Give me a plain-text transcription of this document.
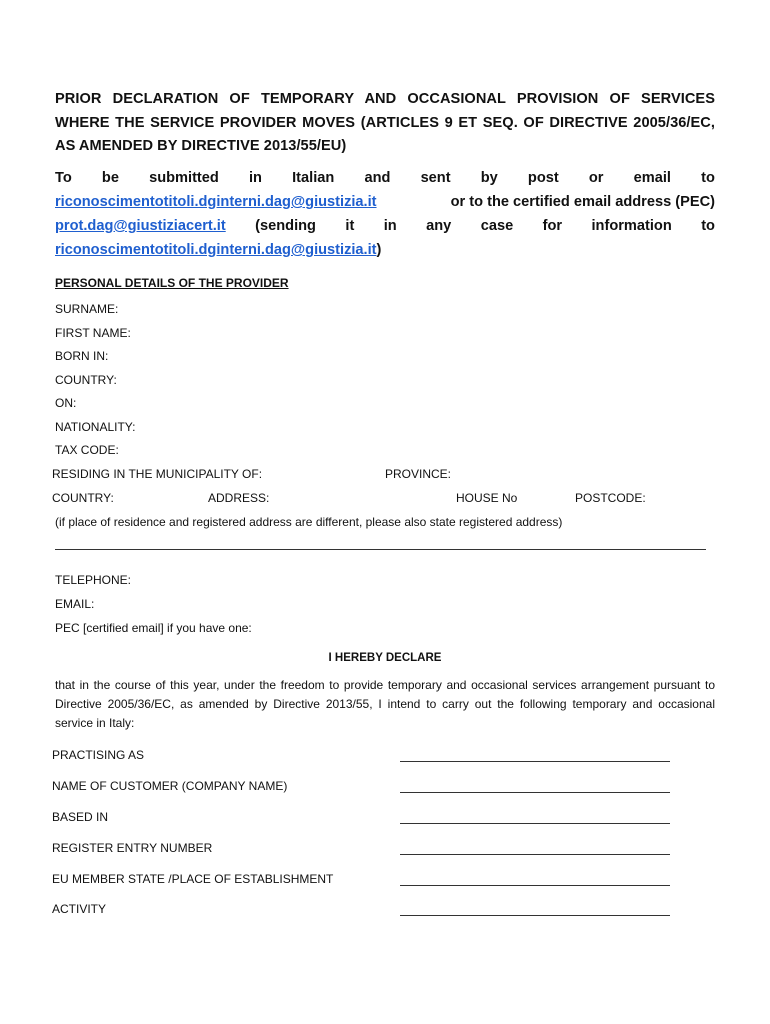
PRIOR DECLARATION OF TEMPORARY AND OCCASIONAL PROVISION OF SERVICES WHERE THE SERVICE PROVIDER MOVES (ARTICLES 9 ET SEQ. OF DIRECTIVE 2005/36/EC, AS AMENDED BY DIRECTIVE 2013/55/EU)
To be submitted in Italian and sent by post or email to
riconoscimentotitoli.dginterni.dag@giustizia.it	or to the certified email address (PEC)
prot.dag@giustiziacert.it (sending it in any case for information to
riconoscimentotitoli.dginterni.dag@giustizia.it)
PERSONAL DETAILS OF THE PROVIDER
SURNAME:
FIRST NAME:
BORN IN:
COUNTRY:
ON:
NATIONALITY:
TAX CODE:
RESIDING IN THE MUNICIPALITY OF:	PROVINCE:
COUNTRY:	ADDRESS:	HOUSE No	POSTCODE:
(if place of residence and registered address are different, please also state registered address)
TELEPHONE:
EMAIL:
PEC [certified email] if you have one:
I HEREBY DECLARE
that in the course of this year, under the freedom to provide temporary and occasional services arrangement pursuant to Directive 2005/36/EC, as amended by Directive 2013/55, I intend to carry out the following temporary and occasional service in Italy:
PRACTISING AS
NAME OF CUSTOMER (COMPANY NAME)
BASED IN
REGISTER ENTRY NUMBER
EU MEMBER STATE /PLACE OF ESTABLISHMENT
ACTIVITY
